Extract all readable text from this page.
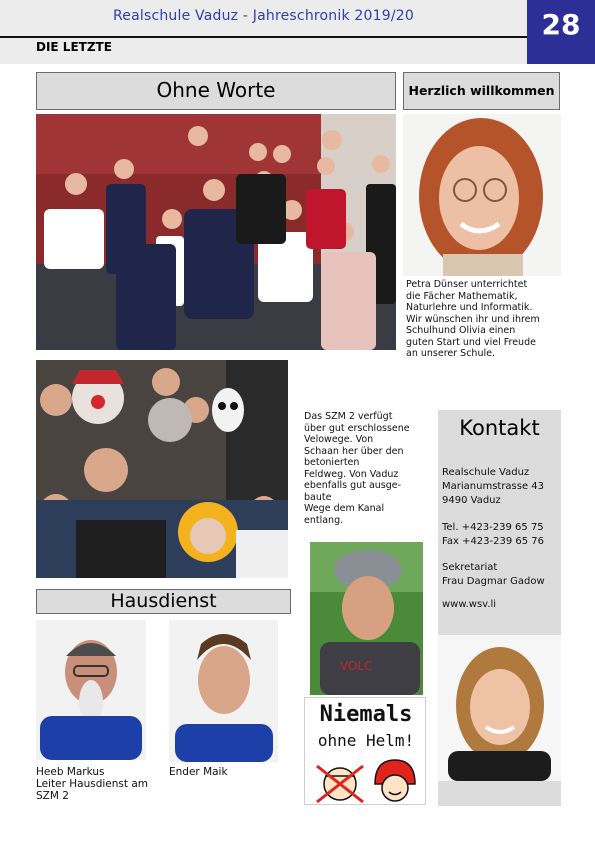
Realschule Vaduz - Jahreschronik 2019/20
DIE LETZTE
28
Ohne Worte	Herzlich willkommen
Petra Dünser unterrichtet
die Fächer Mathematik,
Naturlehre und Informatik.
Wir wünschen ihr und ihrem
Schulhund Olivia einen
guten Start und viel Freude
an unserer Schule.
Das SZM 2 verfügt
über gut erschlossene
Velowege. Von
Schaan her über den
betonierten
Feldweg. Von Vaduz
ebenfalls gut ausge-
baute
Wege dem Kanal
entlang.
VOLC
Niemals
ohne Helm!
Hausdienst
Heeb Markus
Leiter Hausdienst am
SZM 2
Ender Maik
Kontakt
Realschule Vaduz
Marianumstrasse 43
9490 Vaduz
Tel. +423-239 65 75
Fax +423-239 65 76
Sekretariat
Frau Dagmar Gadow
www.wsv.li
